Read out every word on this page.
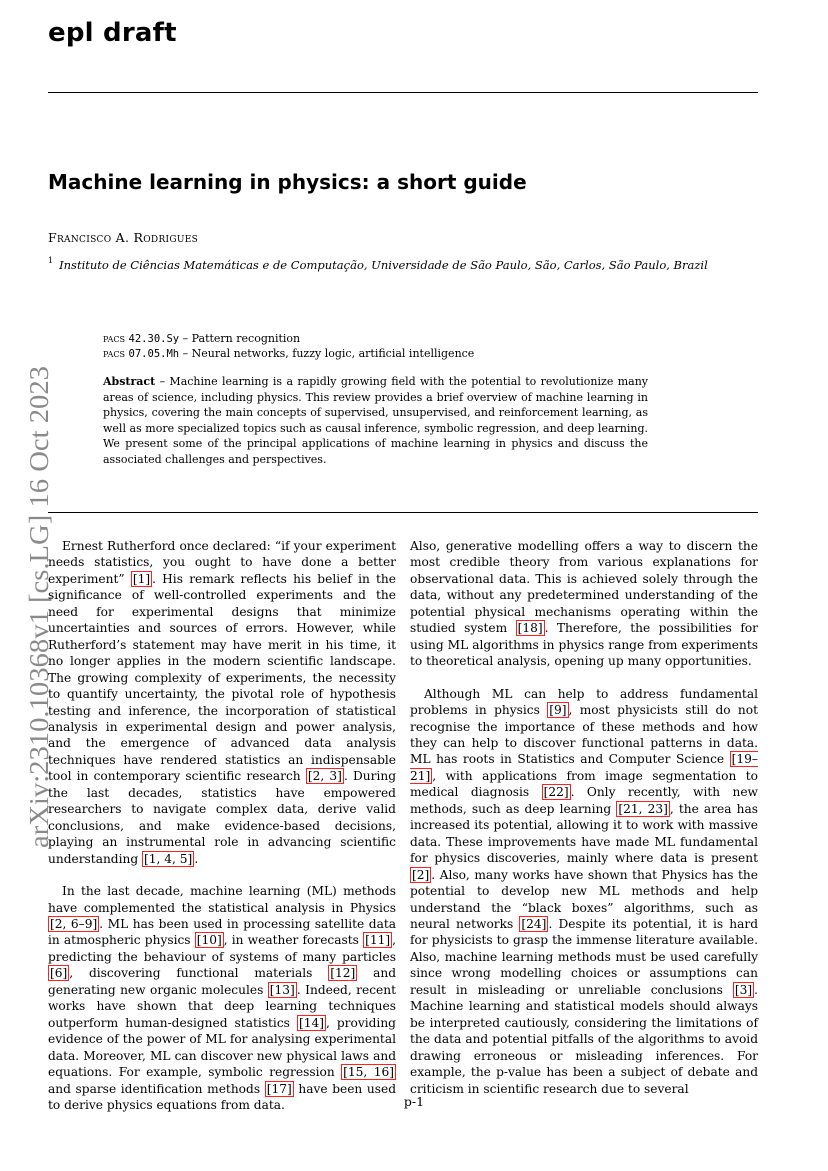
epl draft
Machine learning in physics: a short guide
Francisco A. Rodrigues
$^1$ Instituto de Ciências Matemáticas e de Computação, Universidade de São Paulo, São, Carlos, São Paulo, Brazil
pacs 42.30.Sy – Pattern recognition
pacs 07.05.Mh – Neural networks, fuzzy logic, artificial intelligence
Abstract – Machine learning is a rapidly growing field with the potential to revolutionize many areas of science, including physics. This review provides a brief overview of machine learning in physics, covering the main concepts of supervised, unsupervised, and reinforcement learning, as well as more specialized topics such as causal inference, symbolic regression, and deep learning. We present some of the principal applications of machine learning in physics and discuss the associated challenges and perspectives.
arXiv:2310.10368v1 [cs.LG] 16 Oct 2023 Ernest Rutherford once declared: “if your experiment needs statistics, you ought to have done a better experiment” [1] . His remark reflects his belief in the significance of well-controlled experiments and the need for experimental designs that minimize uncertainties and sources of errors. However, while Rutherford’s statement may have merit in his time, it no longer applies in the modern scientific landscape. The growing complexity of experiments, the necessity to quantify uncertainty, the pivotal role of hypothesis testing and inference, the incorporation of statistical analysis in experimental design and power analysis, and the emergence of advanced data analysis techniques have rendered statistics an indispensable tool in contemporary scientific research [2, 3] . During the last decades, statistics have empowered researchers to navigate complex data, derive valid conclusions, and make evidence-based decisions, playing an instrumental role in advancing scientific understanding [1, 4, 5] .

In the last decade, machine learning (ML) methods have complemented the statistical analysis in Physics [2, 6–9] . ML has been used in processing satellite data in atmospheric physics [10] , in weather forecasts [11] , predicting the behaviour of systems of many particles [6] , discovering functional materials [12] and generating new organic molecules [13] . Indeed, recent works have shown that deep learning techniques outperform human-designed statistics [14] , providing evidence of the power of ML for analysing experimental data. Moreover, ML can discover new physical laws and equations. For example, symbolic regression [15, 16] and sparse identification methods [17] have been used to derive physics equations from data.

Also, generative modelling offers a way to discern the most credible theory from various explanations for observational data. This is achieved solely through the data, without any predetermined understanding of the potential physical mechanisms operating within the studied system [18] . Therefore, the possibilities for using ML algorithms in physics range from experiments to theoretical analysis, opening up many opportunities.

Although ML can help to address fundamental problems in physics [9] , most physicists still do not recognise the importance of these methods and how they can help to discover functional patterns in data. ML has roots in Statistics and Computer Science [19–21] , with applications from image segmentation to medical diagnosis [22] . Only recently, with new methods, such as deep learning [21, 23] , the area has increased its potential, allowing it to work with massive data. These improvements have made ML fundamental for physics discoveries, mainly where data is present [2] . Also, many works have shown that Physics has the potential to develop new ML methods and help understand the “black boxes” algorithms, such as neural networks [24] . Despite its potential, it is hard for physicists to grasp the immense literature available. Also, machine learning methods must be used carefully since wrong modelling choices or assumptions can result in misleading or unreliable conclusions [3] . Machine learning and statistical models should always be interpreted cautiously, considering the limitations of the data and potential pitfalls of the algorithms to avoid drawing erroneous or misleading inferences. For example, the p-value has been a subject of debate and criticism in scientific research due to several

p-1
